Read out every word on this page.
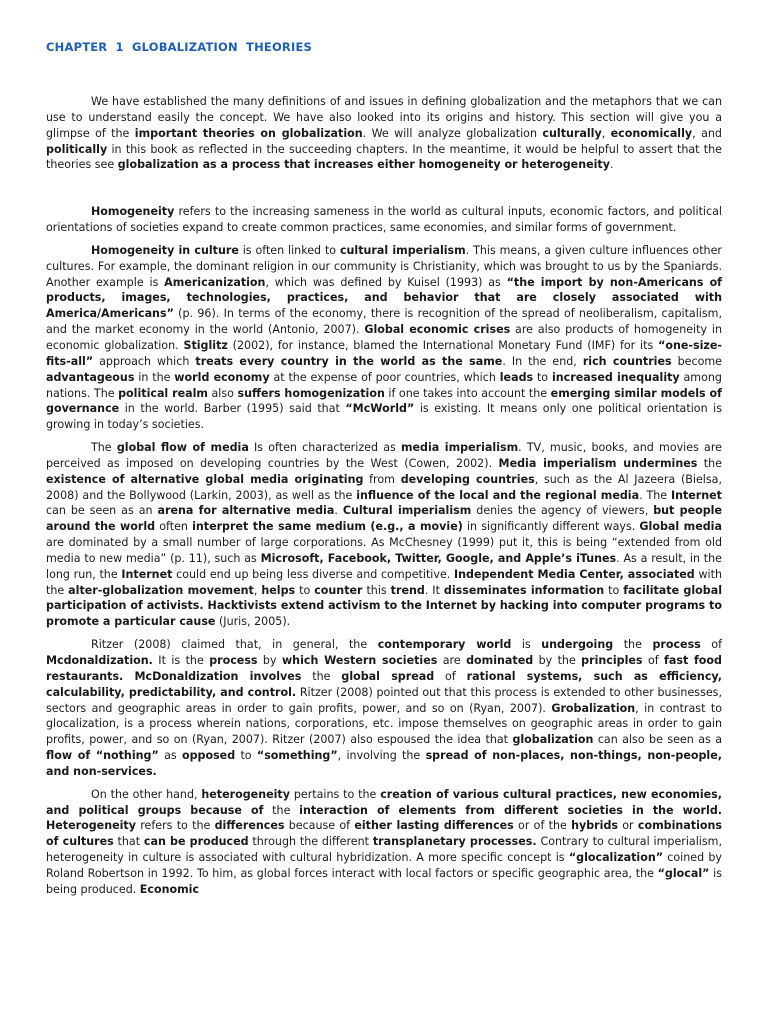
CHAPTER 1 GLOBALIZATION THEORIES

We have established the many definitions of and issues in defining globalization and the metaphors that we can use to understand easily the concept. We have also looked into its origins and history. This section will give you a glimpse of the important theories on globalization. We will analyze globalization culturally, economically, and politically in this book as reflected in the succeeding chapters. In the meantime, it would be helpful to assert that the theories see globalization as a process that increases either homogeneity or heterogeneity.

Homogeneity refers to the increasing sameness in the world as cultural inputs, economic factors, and political orientations of societies expand to create common practices, same economies, and similar forms of government.

Homogeneity in culture is often linked to cultural imperialism. This means, a given culture influences other cultures. For example, the dominant religion in our community is Christianity, which was brought to us by the Spaniards. Another example is Americanization, which was defined by Kuisel (1993) as “the import by non-Americans of products, images, technologies, practices, and behavior that are closely associated with America/Americans” (p. 96). In terms of the economy, there is recognition of the spread of neoliberalism, capitalism, and the market economy in the world (Antonio, 2007). Global economic crises are also products of homogeneity in economic globalization. Stiglitz (2002), for instance, blamed the International Monetary Fund (IMF) for its “one-size-fits-all” approach which treats every country in the world as the same. In the end, rich countries become advantageous in the world economy at the expense of poor countries, which leads to increased inequality among nations. The political realm also suffers homogenization if one takes into account the emerging similar models of governance in the world. Barber (1995) said that “McWorld” is existing. It means only one political orientation is growing in today’s societies.

The global flow of media Is often characterized as media imperialism. TV, music, books, and movies are perceived as imposed on developing countries by the West (Cowen, 2002). Media imperialism undermines the existence of alternative global media originating from developing countries, such as the Al Jazeera (Bielsa, 2008) and the Bollywood (Larkin, 2003), as well as the influence of the local and the regional media. The Internet can be seen as an arena for alternative media. Cultural imperialism denies the agency of viewers, but people around the world often interpret the same medium (e.g., a movie) in significantly different ways. Global media are dominated by a small number of large corporations. As McChesney (1999) put it, this is being “extended from old media to new media” (p. 11), such as Microsoft, Facebook, Twitter, Google, and Apple’s iTunes. As a result, in the long run, the Internet could end up being less diverse and competitive. Independent Media Center, associated with the alter-globalization movement, helps to counter this trend. It disseminates information to facilitate global participation of activists. Hacktivists extend activism to the Internet by hacking into computer programs to promote a particular cause (Juris, 2005).

Ritzer (2008) claimed that, in general, the contemporary world is undergoing the process of Mcdonaldization. It is the process by which Western societies are dominated by the principles of fast food restaurants. McDonaldization involves the global spread of rational systems, such as efficiency, calculability, predictability, and control. Ritzer (2008) pointed out that this process is extended to other businesses, sectors and geographic areas in order to gain profits, power, and so on (Ryan, 2007). Grobalization, in contrast to glocalization, is a process wherein nations, corporations, etc. impose themselves on geographic areas in order to gain profits, power, and so on (Ryan, 2007). Ritzer (2007) also espoused the idea that globalization can also be seen as a flow of “nothing” as opposed to “something”, involving the spread of non-places, non-things, non-people, and non-services.

On the other hand, heterogeneity pertains to the creation of various cultural practices, new economies, and political groups because of the interaction of elements from different societies in the world. Heterogeneity refers to the differences because of either lasting differences or of the hybrids or combinations of cultures that can be produced through the different transplanetary processes. Contrary to cultural imperialism, heterogeneity in culture is associated with cultural hybridization. A more specific concept is “glocalization” coined by Roland Robertson in 1992. To him, as global forces interact with local factors or specific geographic area, the “glocal” is being produced. Economic
